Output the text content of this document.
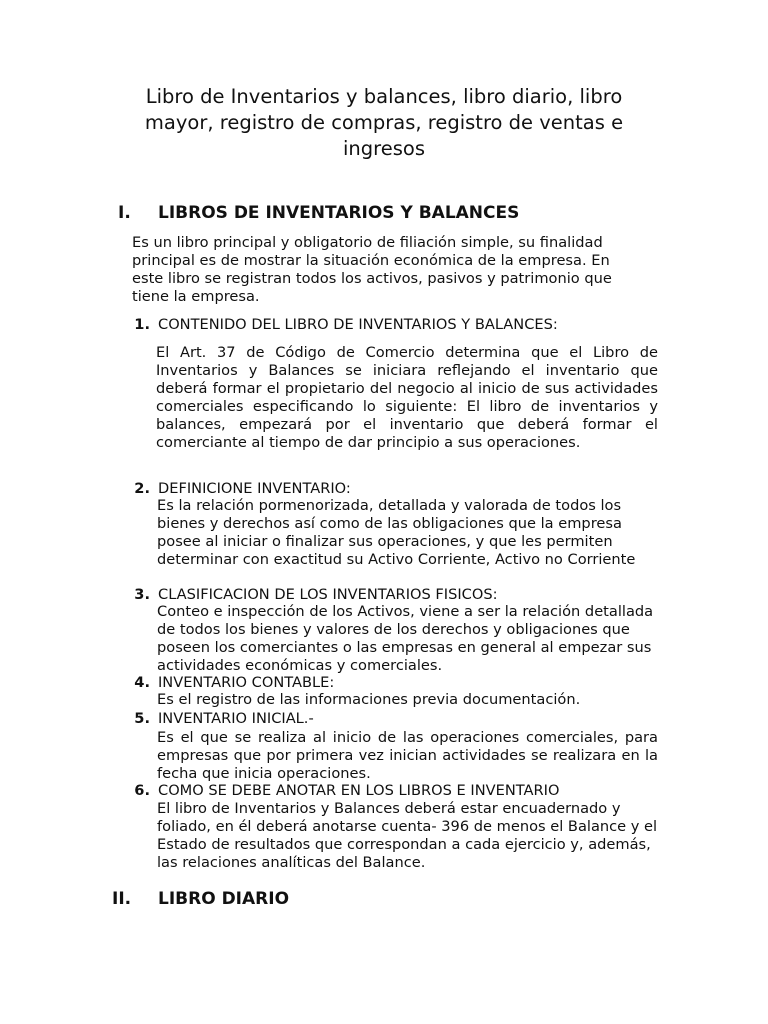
Libro de Inventarios y balances, libro diario, libro mayor, registro de compras, registro de ventas e ingresos
I. LIBROS DE INVENTARIOS Y BALANCES
Es un libro principal y obligatorio de filiación simple, su finalidad principal es de mostrar la situación económica de la empresa. En este libro se registran todos los activos, pasivos y patrimonio que tiene la empresa.
1. CONTENIDO DEL LIBRO DE INVENTARIOS Y BALANCES:
El Art. 37 de Código de Comercio determina que el Libro de Inventarios y Balances se iniciara reflejando el inventario que deberá formar el propietario del negocio al inicio de sus actividades comerciales especificando lo siguiente: El libro de inventarios y balances, empezará por el inventario que deberá formar el comerciante al tiempo de dar principio a sus operaciones.
2. DEFINICIONE INVENTARIO:
Es la relación pormenorizada, detallada y valorada de todos los bienes y derechos así como de las obligaciones que la empresa posee al iniciar o finalizar sus operaciones, y que les permiten determinar con exactitud su Activo Corriente, Activo no Corriente
3. CLASIFICACION DE LOS INVENTARIOS FISICOS:
Conteo e inspección de los Activos, viene a ser la relación detallada de todos los bienes y valores de los derechos y obligaciones que poseen los comerciantes o las empresas en general al empezar sus actividades económicas y comerciales.
4. INVENTARIO CONTABLE:
Es el registro de las informaciones previa documentación.
5. INVENTARIO INICIAL.-
Es el que se realiza al inicio de las operaciones comerciales, para empresas que por primera vez inician actividades se realizara en la fecha que inicia operaciones.
6. COMO SE DEBE ANOTAR EN LOS LIBROS E INVENTARIO
El libro de Inventarios y Balances deberá estar encuadernado y foliado, en él deberá anotarse cuenta- 396 de menos el Balance y el Estado de resultados que correspondan a cada ejercicio y, además, las relaciones analíticas del Balance.
II. LIBRO DIARIO
